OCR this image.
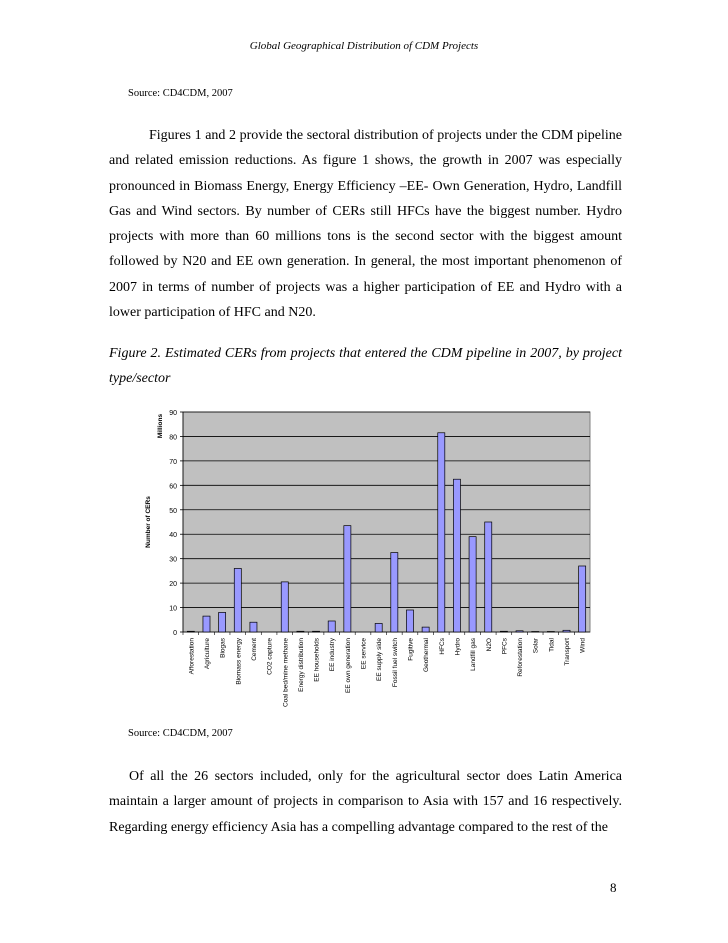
Global Geographical Distribution of CDM Projects
Source: CD4CDM, 2007
Figures 1 and 2 provide the sectoral distribution of projects under the CDM pipeline and related emission reductions. As figure 1 shows, the growth in 2007 was especially pronounced in Biomass Energy, Energy Efficiency –EE- Own Generation, Hydro, Landfill Gas and Wind sectors. By number of CERs still HFCs have the biggest number. Hydro projects with more than 60 millions tons is the second sector with the biggest amount followed by N20 and EE own generation. In general, the most important phenomenon of 2007 in terms of number of projects was a higher participation of EE and Hydro with a lower participation of HFC and N20.
Figure 2. Estimated CERs from projects that entered the CDM pipeline in 2007, by project type/sector
0
10
20
30
40
50
60
70
80
90
Afforestation Agriculture Biogas Biomass energy Cement CO2 capture Coal bed/mine methane Energy distribution EE households EE industry EE own generation EE service EE supply side Fossil fuel switch Fugitive Geothermal HFCs Hydro Landfill gas N2O PFCs Reforestation Solar Tidal Transport Wind
Number of CERs
Millions
Source: CD4CDM, 2007
Of all the 26 sectors included, only for the agricultural sector does Latin America maintain a larger amount of projects in comparison to Asia with 157 and 16 respectively. Regarding energy efficiency Asia has a compelling advantage compared to the rest of the
8
